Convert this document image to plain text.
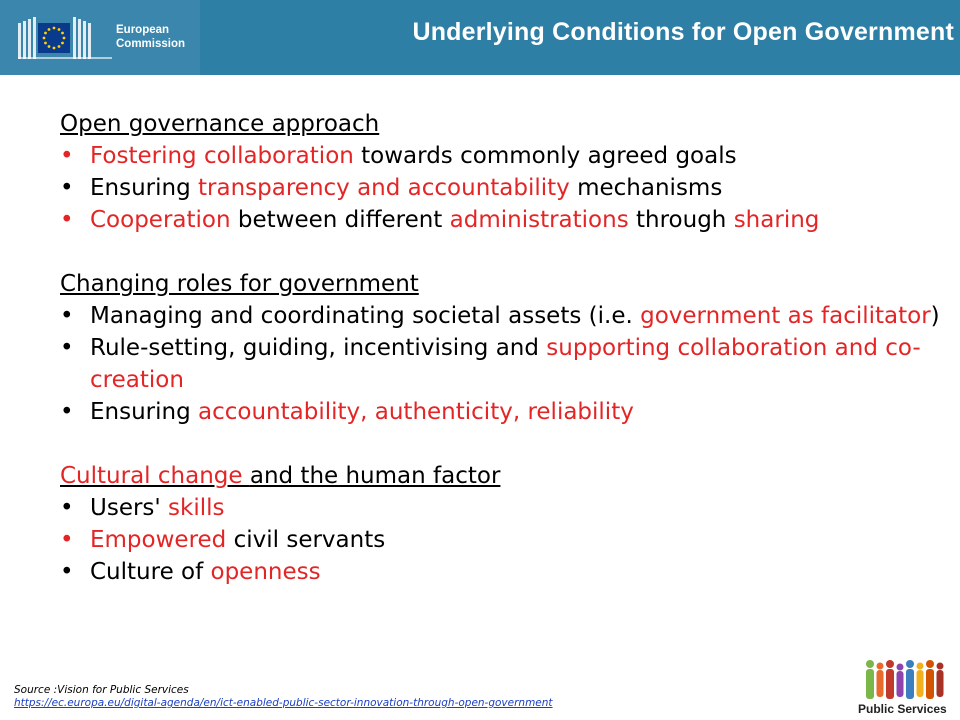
European
Commission	Underlying Conditions for Open Government
Open governance approach
• Fostering collaboration towards commonly agreed goals
• Ensuring transparency and accountability mechanisms
• Cooperation between different administrations through sharing
Changing roles for government
• Managing and coordinating societal assets (i.e. government as facilitator)
• Rule-setting, guiding, incentivising and supporting collaboration and co-creation
• Ensuring accountability, authenticity, reliability
Cultural change and the human factor
• Users' skills
• Empowered civil servants
• Culture of openness
Source :Vision for Public Services
https://ec.europa.eu/digital-agenda/en/ict-enabled-public-sector-innovation-through-open-government	Public Services
